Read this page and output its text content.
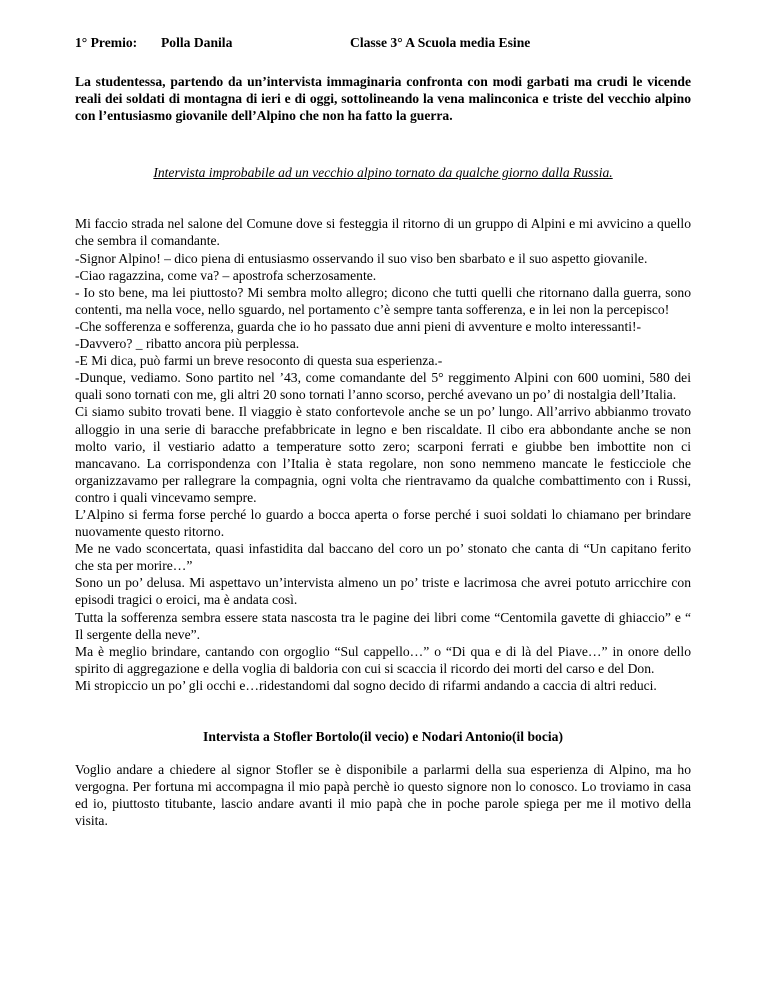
1° Premio: Polla Danila	Classe 3° A Scuola media Esine
La studentessa, partendo da un’intervista immaginaria confronta con modi garbati ma crudi le vicende reali dei soldati di montagna di ieri e di oggi, sottolineando la vena malinconica e triste del vecchio alpino con l’entusiasmo giovanile dell’Alpino che non ha fatto la guerra.
Intervista improbabile ad un vecchio alpino tornato da qualche giorno dalla Russia.

Mi faccio strada nel salone del Comune dove si festeggia il ritorno di un gruppo di Alpini e mi avvicino a quello che sembra il comandante.

-Signor Alpino! – dico piena di entusiasmo osservando il suo viso ben sbarbato e il suo aspetto giovanile.

-Ciao ragazzina, come va? – apostrofa scherzosamente.

- Io sto bene, ma lei piuttosto? Mi sembra molto allegro; dicono che tutti quelli che ritornano dalla guerra, sono contenti, ma nella voce, nello sguardo, nel portamento c’è sempre tanta sofferenza, e in lei non la percepisco!

-Che sofferenza e sofferenza, guarda che io ho passato due anni pieni di avventure e molto interessanti!-

-Davvero? _ ribatto ancora più perplessa.

-E Mi dica, può farmi un breve resoconto di questa sua esperienza.-

-Dunque, vediamo. Sono partito nel ’43, come comandante del 5° reggimento Alpini con 600 uomini, 580 dei quali sono tornati con me, gli altri 20 sono tornati l’anno scorso, perché avevano un po’ di nostalgia dell’Italia.

Ci siamo subito trovati bene. Il viaggio è stato confortevole anche se un po’ lungo. All’arrivo abbianmo trovato alloggio in una serie di baracche prefabbricate in legno e ben riscaldate. Il cibo era abbondante anche se non molto vario, il vestiario adatto a temperature sotto zero; scarponi ferrati e giubbe ben imbottite non ci mancavano. La corrispondenza con l’Italia è stata regolare, non sono nemmeno mancate le festicciole che organizzavamo per rallegrare la compagnia, ogni volta che rientravamo da qualche combattimento con i Russi, contro i quali vincevamo sempre.

L’Alpino si ferma forse perché lo guardo a bocca aperta o forse perché i suoi soldati lo chiamano per brindare nuovamente questo ritorno.

Me ne vado sconcertata, quasi infastidita dal baccano del coro un po’ stonato che canta di “Un capitano ferito che sta per morire…”

Sono un po’ delusa. Mi aspettavo un’intervista almeno un po’ triste e lacrimosa che avrei potuto arricchire con episodi tragici o eroici, ma è andata così.

Tutta la sofferenza sembra essere stata nascosta tra le pagine dei libri come “Centomila gavette di ghiaccio” e “ Il sergente della neve”.

Ma è meglio brindare, cantando con orgoglio “Sul cappello…” o “Di qua e di là del Piave…” in onore dello spirito di aggregazione e della voglia di baldoria con cui si scaccia il ricordo dei morti del carso e del Don.

Mi stropiccio un po’ gli occhi e…ridestandomi dal sogno decido di rifarmi andando a caccia di altri reduci.

Intervista a Stofler Bortolo(il vecio) e Nodari Antonio(il bocia)

Voglio andare a chiedere al signor Stofler se è disponibile a parlarmi della sua esperienza di Alpino, ma ho vergogna. Per fortuna mi accompagna il mio papà perchè io questo signore non lo conosco. Lo troviamo in casa ed io, piuttosto titubante, lascio andare avanti il mio papà che in poche parole spiega per me il motivo della visita.
